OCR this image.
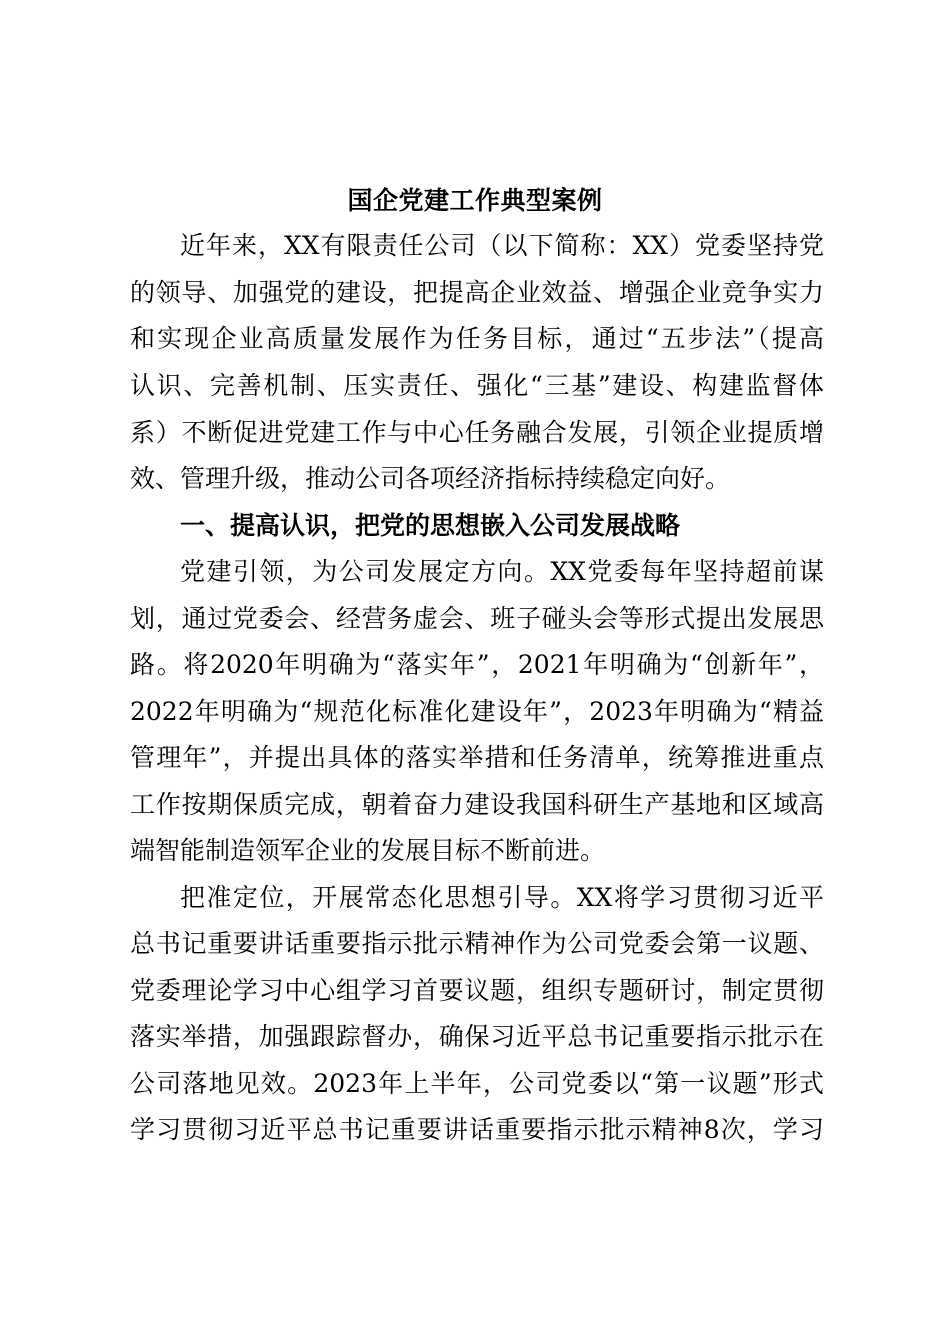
国企党建工作典型案例
近年来，XX有限责任公司（以下简称：XX）党委坚持党
的领导、加强党的建设，把提高企业效益、增强企业竞争实力
和实现企业高质量发展作为任务目标，通过“五步法”（提高
认识、完善机制、压实责任、强化“三基”建设、构建监督体
系）不断促进党建工作与中心任务融合发展，引领企业提质增
效、管理升级，推动公司各项经济指标持续稳定向好。
一、提高认识，把党的思想嵌入公司发展战略
党建引领，为公司发展定方向。XX党委每年坚持超前谋
划，通过党委会、经营务虚会、班子碰头会等形式提出发展思
路。将2020年明确为“落实年”，2021年明确为“创新年”，
2022年明确为“规范化标准化建设年”，2023年明确为“精益
管理年”，并提出具体的落实举措和任务清单，统筹推进重点
工作按期保质完成，朝着奋力建设我国科研生产基地和区域高
端智能制造领军企业的发展目标不断前进。
把准定位，开展常态化思想引导。XX将学习贯彻习近平
总书记重要讲话重要指示批示精神作为公司党委会第一议题、
党委理论学习中心组学习首要议题，组织专题研讨，制定贯彻
落实举措，加强跟踪督办，确保习近平总书记重要指示批示在
公司落地见效。2023年上半年，公司党委以“第一议题”形式
学习贯彻习近平总书记重要讲话重要指示批示精神8次，学习
